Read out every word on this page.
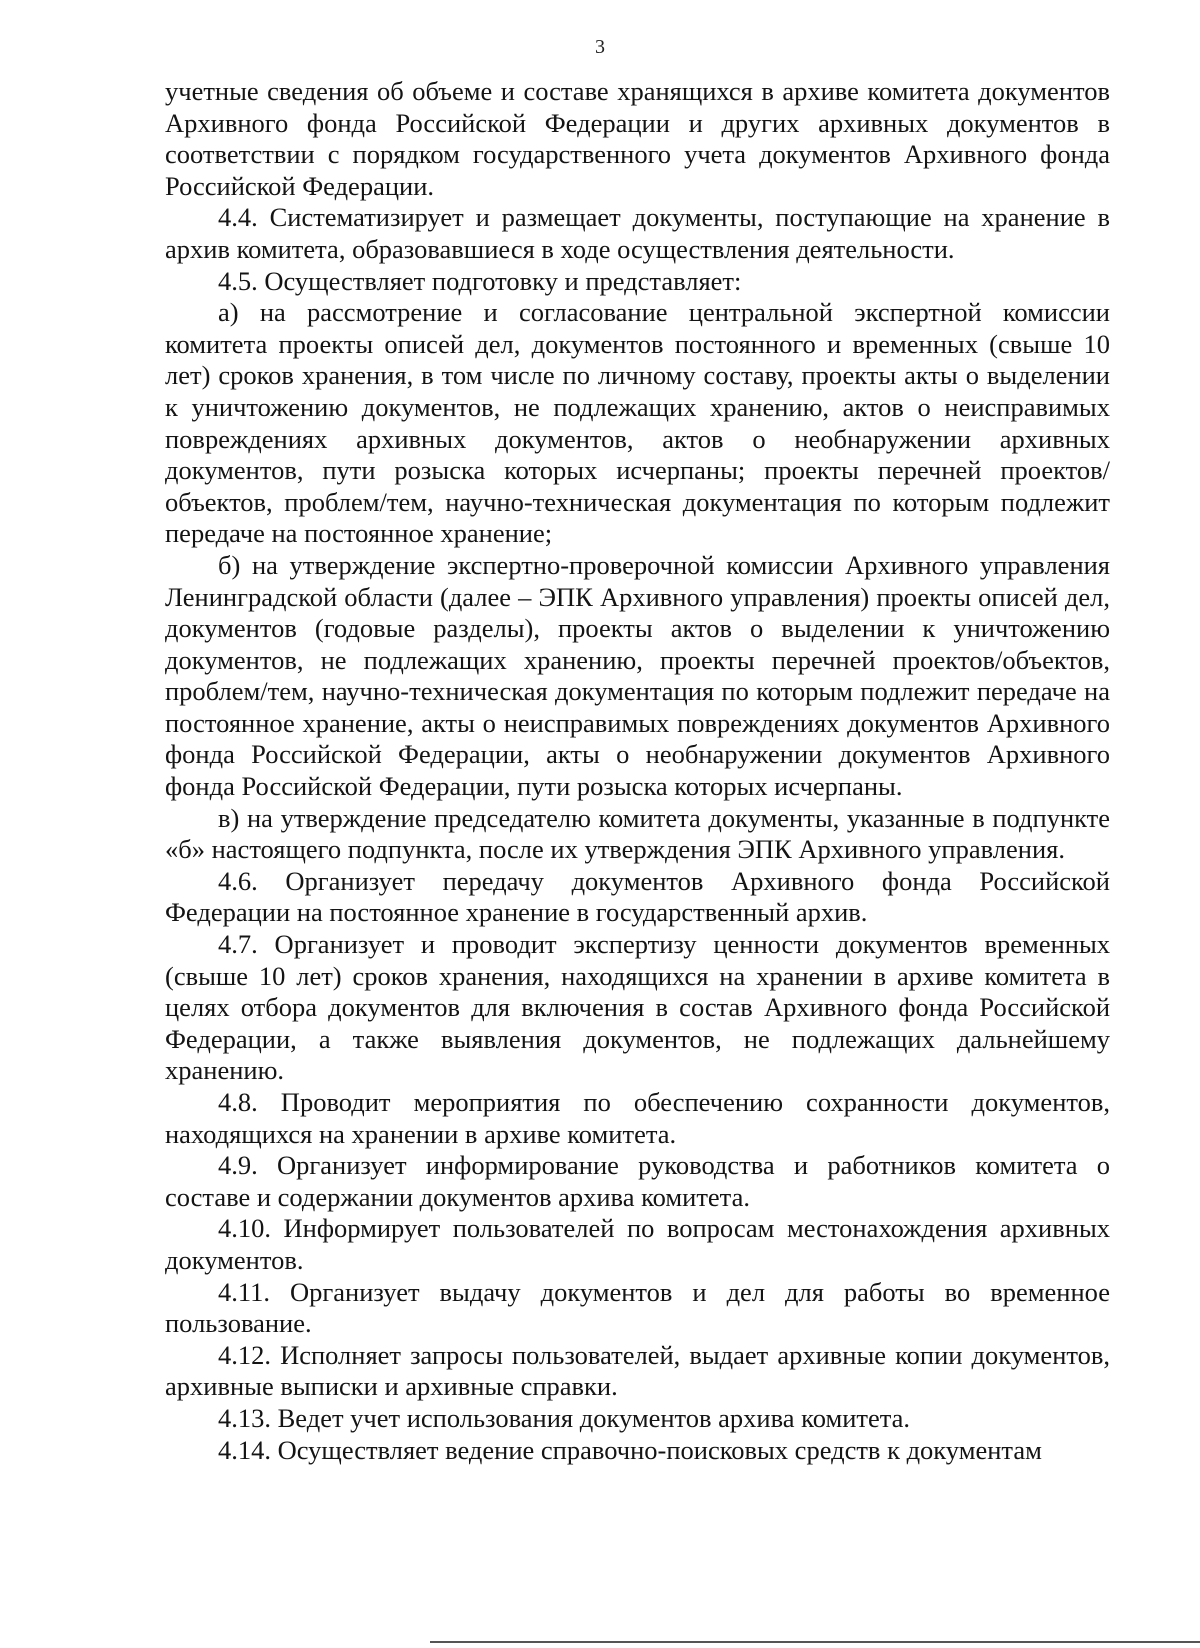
3

учетные сведения об объеме и составе хранящихся в архиве комитета документов Архивного фонда Российской Федерации и других архивных документов в соответствии с порядком государственного учета документов Архивного фонда Российской Федерации.

4.4. Систематизирует и размещает документы, поступающие на хранение в архив комитета, образовавшиеся в ходе осуществления деятельности.

4.5. Осуществляет подготовку и представляет:

а) на рассмотрение и согласование центральной экспертной комиссии комитета проекты описей дел, документов постоянного и временных (свыше 10 лет) сроков хранения, в том числе по личному составу, проекты акты о выделении к уничтожению документов, не подлежащих хранению, актов о неисправимых повреждениях архивных документов, актов о необнаружении архивных документов, пути розыска которых исчерпаны; проекты перечней проектов/объектов, проблем/тем, научно-техническая документация по которым подлежит передаче на постоянное хранение;

б) на утверждение экспертно-проверочной комиссии Архивного управления Ленинградской области (далее – ЭПК Архивного управления) проекты описей дел, документов (годовые разделы), проекты актов о выделении к уничтожению документов, не подлежащих хранению, проекты перечней проектов/объектов, проблем/тем, научно-техническая документация по которым подлежит передаче на постоянное хранение, акты о неисправимых повреждениях документов Архивного фонда Российской Федерации, акты о необнаружении документов Архивного фонда Российской Федерации, пути розыска которых исчерпаны.

в) на утверждение председателю комитета документы, указанные в подпункте «б» настоящего подпункта, после их утверждения ЭПК Архивного управления.

4.6. Организует передачу документов Архивного фонда Российской Федерации на постоянное хранение в государственный архив.

4.7. Организует и проводит экспертизу ценности документов временных (свыше 10 лет) сроков хранения, находящихся на хранении в архиве комитета в целях отбора документов для включения в состав Архивного фонда Российской Федерации, а также выявления документов, не подлежащих дальнейшему хранению.

4.8. Проводит мероприятия по обеспечению сохранности документов, находящихся на хранении в архиве комитета.

4.9. Организует информирование руководства и работников комитета о составе и содержании документов архива комитета.

4.10. Информирует пользователей по вопросам местонахождения архивных документов.

4.11. Организует выдачу документов и дел для работы во временное пользование.

4.12. Исполняет запросы пользователей, выдает архивные копии документов, архивные выписки и архивные справки.

4.13. Ведет учет использования документов архива комитета.

4.14. Осуществляет ведение справочно-поисковых средств к документам
